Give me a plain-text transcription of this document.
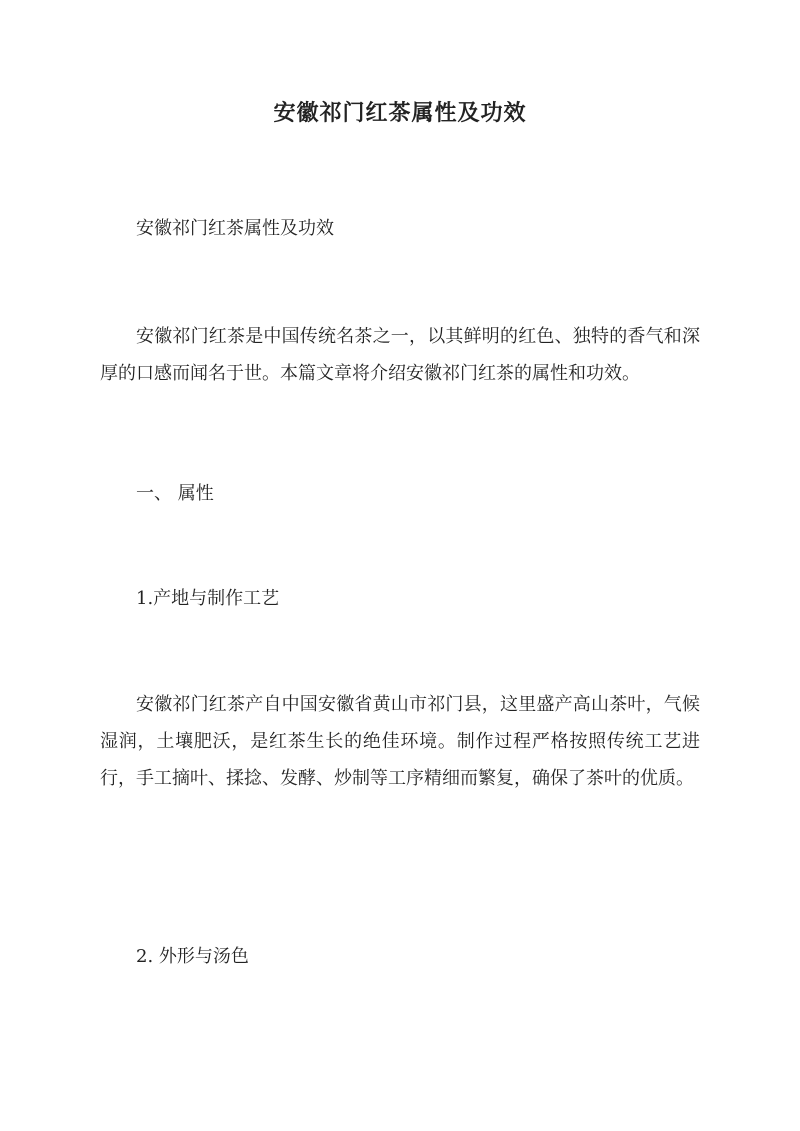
安徽祁门红茶属性及功效

安徽祁门红茶属性及功效

安徽祁门红茶是中国传统名茶之一，以其鲜明的红色、独特的香气和深厚的口感而闻名于世。本篇文章将介绍安徽祁门红茶的属性和功效。

一、 属性

1.产地与制作工艺

安徽祁门红茶产自中国安徽省黄山市祁门县，这里盛产高山茶叶，气候湿润，土壤肥沃，是红茶生长的绝佳环境。制作过程严格按照传统工艺进行，手工摘叶、揉捻、发酵、炒制等工序精细而繁复，确保了茶叶的优质。

2. 外形与汤色
